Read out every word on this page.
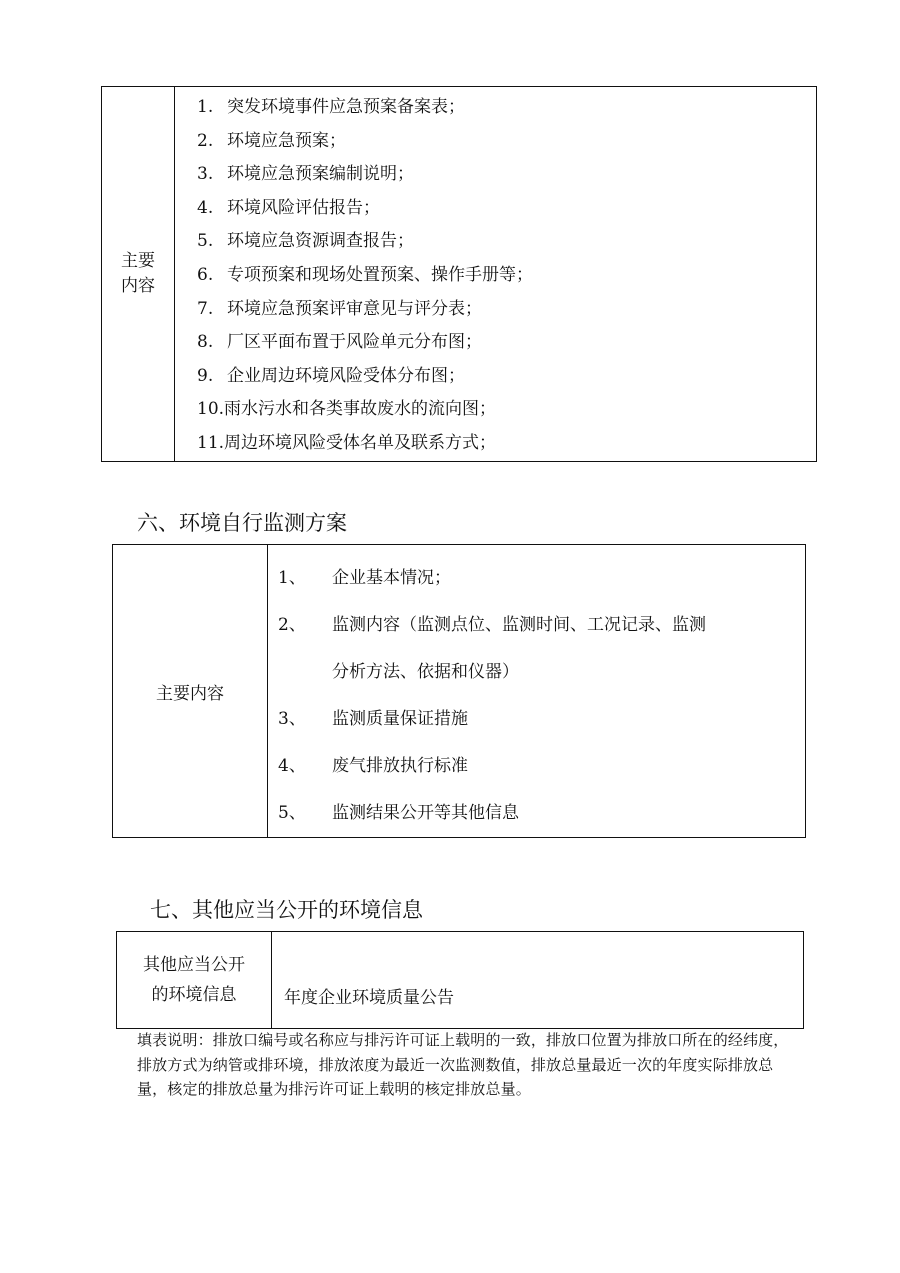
主要
内容

1. 突发环境事件应急预案备案表；
2. 环境应急预案；
3. 环境应急预案编制说明；
4. 环境风险评估报告；
5. 环境应急资源调查报告；
6. 专项预案和现场处置预案、操作手册等；
7. 环境应急预案评审意见与评分表；
8. 厂区平面布置于风险单元分布图；
9. 企业周边环境风险受体分布图；
10.雨水污水和各类事故废水的流向图；
11.周边环境风险受体名单及联系方式；
六、环境自行监测方案
主要内容	
1、	企业基本情况；
2、	监测内容（监测点位、监测时间、工况记录、监测
分析方法、依据和仪器）
3、	监测质量保证措施
4、	废气排放执行标准
5、	监测结果公开等其他信息
七、其他应当公开的环境信息
其他应当公开
的环境信息	年度企业环境质量公告

填表说明：排放口编号或名称应与排污许可证上载明的一致，排放口位置为排放口所在的经纬度，排放方式为纳管或排环境，排放浓度为最近一次监测数值，排放总量最近一次的年度实际排放总量，核定的排放总量为排污许可证上载明的核定排放总量。
